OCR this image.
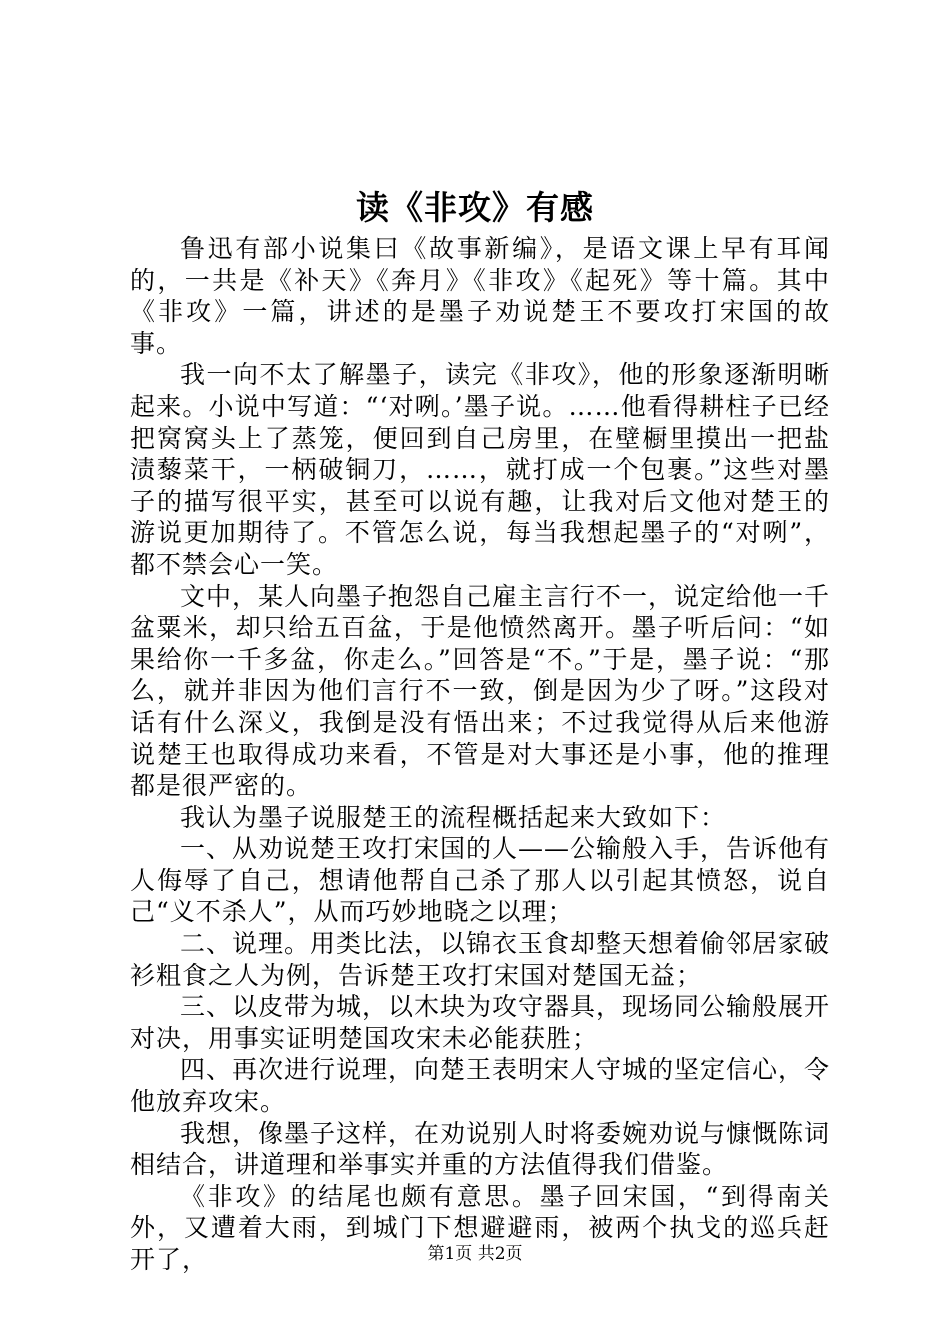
读《非攻》有感

鲁迅有部小说集曰《故事新编》，是语文课上早有耳闻的，一共是《补天》《奔月》《非攻》《起死》等十篇。其中《非攻》一篇，讲述的是墨子劝说楚王不要攻打宋国的故事。

我一向不太了解墨子，读完《非攻》，他的形象逐渐明晰起来。小说中写道：“‘对咧。’墨子说。……他看得耕柱子已经把窝窝头上了蒸笼，便回到自己房里，在壁橱里摸出一把盐渍藜菜干，一柄破铜刀，……，就打成一个包裹。”这些对墨子的描写很平实，甚至可以说有趣，让我对后文他对楚王的游说更加期待了。不管怎么说，每当我想起墨子的“对咧”，都不禁会心一笑。

文中，某人向墨子抱怨自己雇主言行不一，说定给他一千盆粟米，却只给五百盆，于是他愤然离开。墨子听后问：“如果给你一千多盆，你走么。”回答是“不。”于是，墨子说：“那么，就并非因为他们言行不一致，倒是因为少了呀。”这段对话有什么深义，我倒是没有悟出来；不过我觉得从后来他游说楚王也取得成功来看，不管是对大事还是小事，他的推理都是很严密的。

我认为墨子说服楚王的流程概括起来大致如下：

一、从劝说楚王攻打宋国的人——公输般入手，告诉他有人侮辱了自己，想请他帮自己杀了那人以引起其愤怒，说自己“义不杀人”，从而巧妙地晓之以理；

二、说理。用类比法，以锦衣玉食却整天想着偷邻居家破衫粗食之人为例，告诉楚王攻打宋国对楚国无益；

三、以皮带为城，以木块为攻守器具，现场同公输般展开对决，用事实证明楚国攻宋未必能获胜；

四、再次进行说理，向楚王表明宋人守城的坚定信心，令他放弃攻宋。

我想，像墨子这样，在劝说别人时将委婉劝说与慷慨陈词相结合，讲道理和举事实并重的方法值得我们借鉴。

《非攻》的结尾也颇有意思。墨子回宋国，“到得南关外，又遭着大雨，到城门下想避避雨，被两个执戈的巡兵赶开了，	第1页 共2页
